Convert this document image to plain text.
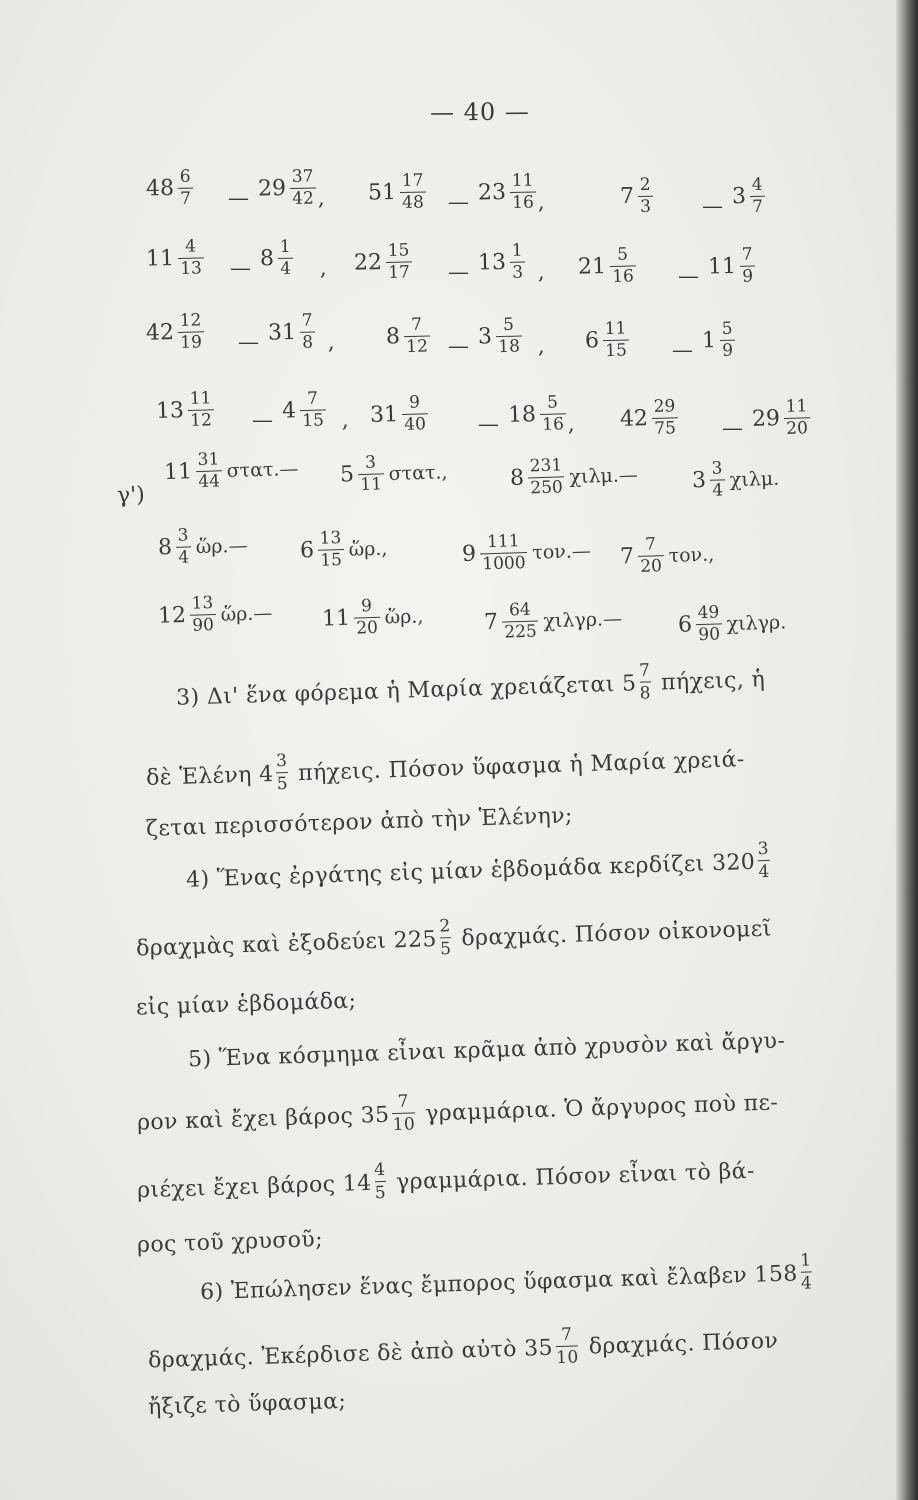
— 40 —
$48 \frac{6}{7}$ — $29 \frac{37}{42}$ , $51 \frac{17}{48}$ — $23 \frac{11}{16}$ ,	$7 \frac{2}{3}$ — $3 \frac{4}{7}$
$11 \frac{4}{13}$ — $8 \frac{1}{4}$ , $22 \frac{15}{17}$ — $13 \frac{1}{3}$ , $21 \frac{5}{16}$ — $11 \frac{7}{9}$
$42 \frac{12}{19}$ — $31 \frac{7}{8}$ , $8 \frac{7}{12}$ — $3 \frac{5}{18}$ , $6 \frac{11}{15}$ — $1 \frac{5}{9}$
$13 \frac{11}{12}$ — $4 \frac{7}{15}$ , $31 \frac{9}{40}$ — $18 \frac{5}{16}$ , $42 \frac{29}{75}$ — $29 \frac{11}{20}$
γ')
$11 \frac{31}{44}$ στατ.— $5 \frac{3}{11} \sigma\tau\alpha\tau$.,	$8 \frac{231}{250}$ χιλμ.— $3 \frac{3}{4} \chi\iota\lambda\mu$.
$8 \frac{3}{4}$ ὥρ.— $6 \frac{13}{15}$ ὥρ.,	$9 \frac{111}{1000}$ τον.— $7 \frac{7}{20} \tau o\nu$.,
$12 \frac{13}{90}$ ὥρ.— $11 \frac{9}{20}$ ὥρ.,	$7 \frac{64}{225}$ χιλγρ.—	$6 \frac{49}{90} \chi\iota\lambda\gamma\rho$.
3) Δι' ἕνα φόρεμα ἡ Μαρία χρειάζεται $5 \frac{7}{8} \pi ή\chi\varepsilon\iota\varsigma$, ἡ
δὲ Ἑλένη $4 \frac{3}{5} \pi ή\chi\varepsilon\iota\varsigma$. Πόσον ὕφασμα ἡ Μαρία χρειά-
ζεται περισσότερον ἀπὸ τὴν Ἑλένην;
4) Ἕνας ἐργάτης εἰς μίαν ἑβδομάδα κερδίζει $320 \frac{3}{4}$
δραχμὰς καὶ ἐξοδεύει $225 \frac{2}{5} \delta\rho\alpha\chi\mu ά\varsigma$. Πόσον οἰκονομεῖ
εἰς μίαν ἑβδομάδα;
5) Ἕνα κόσμημα εἶναι κρᾶμα ἀπὸ χρυσὸν καὶ ἄργυ-
ρον καὶ ἔχει βάρος $35 \frac{7}{10} \gamma\rho\alpha\mu\mu ά\rho\iota\alpha$. Ὁ ἄργυρος ποὺ πε-
ριέχει ἔχει βάρος $14 \frac{4}{5} \gamma\rho\alpha\mu\mu ά\rho\iota\alpha$. Πόσον εἶναι τὸ βά-
ρος τοῦ χρυσοῦ;
6) Ἐπώλησεν ἕνας ἔμπορος ὕφασμα καὶ ἔλαβεν $158 \frac{1}{4}$
δραχμάς. Ἐκέρδισε δὲ ἀπὸ αὐτὸ $35 \frac{7}{10} \delta\rho\alpha\chi\mu ά\varsigma$. Πόσον
ἤξιζε τὸ ὕφασμα;
